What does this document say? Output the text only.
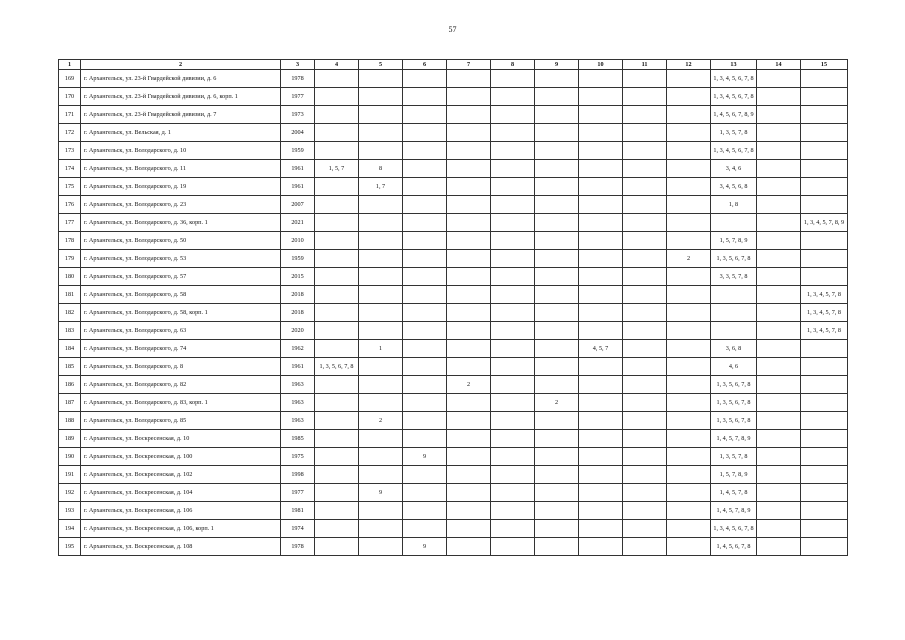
57
1	2	3	4	5	6	7	8	9	10	11	12	13	14	15
169	г. Архангельск, ул. 23-й Гвардейской дивизии, д. 6	1978										1, 3, 4, 5, 6, 7, 8		
170	г. Архангельск, ул. 23-й Гвардейской дивизии, д. 6, корп. 1	1977										1, 3, 4, 5, 6, 7, 8		
171	г. Архангельск, ул. 23-й Гвардейской дивизии, д. 7	1973										1, 4, 5, 6, 7, 8, 9		
172	г. Архангельск, ул. Вельская, д. 1	2004										1, 3, 5, 7, 8		
173	г. Архангельск, ул. Володарского, д. 10	1959										1, 3, 4, 5, 6, 7, 8		
174	г. Архангельск, ул. Володарского, д. 11	1961	1, 5, 7	8								3, 4, 6		
175	г. Архангельск, ул. Володарского, д. 19	1961		1, 7								3, 4, 5, 6, 8		
176	г. Архангельск, ул. Володарского, д. 23	2007										1, 8		
177	г. Архангельск, ул. Володарского, д. 36, корп. 1	2021												1, 3, 4, 5, 7, 8, 9
178	г. Архангельск, ул. Володарского, д. 50	2010										1, 5, 7, 8, 9		
179	г. Архангельск, ул. Володарского, д. 53	1959									2	1, 3, 5, 6, 7, 8		
180	г. Архангельск, ул. Володарского, д. 57	2015										3, 3, 5, 7, 8		
181	г. Архангельск, ул. Володарского, д. 58	2018												1, 3, 4, 5, 7, 8
182	г. Архангельск, ул. Володарского, д. 58, корп. 1	2018												1, 3, 4, 5, 7, 8
183	г. Архангельск, ул. Володарского, д. 63	2020												1, 3, 4, 5, 7, 8
184	г. Архангельск, ул. Володарского, д. 74	1962		1					4, 5, 7			3, 6, 8		
185	г. Архангельск, ул. Володарского, д. 8	1961	1, 3, 5, 6, 7, 8									4, 6		
186	г. Архангельск, ул. Володарского, д. 82	1963				2						1, 3, 5, 6, 7, 8		
187	г. Архангельск, ул. Володарского, д. 83, корп. 1	1963						2				1, 3, 5, 6, 7, 8		
188	г. Архангельск, ул. Володарского, д. 85	1963		2								1, 3, 5, 6, 7, 8		
189	г. Архангельск, ул. Воскресенская, д. 10	1985										1, 4, 5, 7, 8, 9		
190	г. Архангельск, ул. Воскресенская, д. 100	1975			9							1, 3, 5, 7, 8		
191	г. Архангельск, ул. Воскресенская, д. 102	1998										1, 5, 7, 8, 9		
192	г. Архангельск, ул. Воскресенская, д. 104	1977		9								1, 4, 5, 7, 8		
193	г. Архангельск, ул. Воскресенская, д. 106	1981										1, 4, 5, 7, 8, 9		
194	г. Архангельск, ул. Воскресенская, д. 106, корп. 1	1974										1, 3, 4, 5, 6, 7, 8		
195	г. Архангельск, ул. Воскресенская, д. 108	1978			9							1, 4, 5, 6, 7, 8		
